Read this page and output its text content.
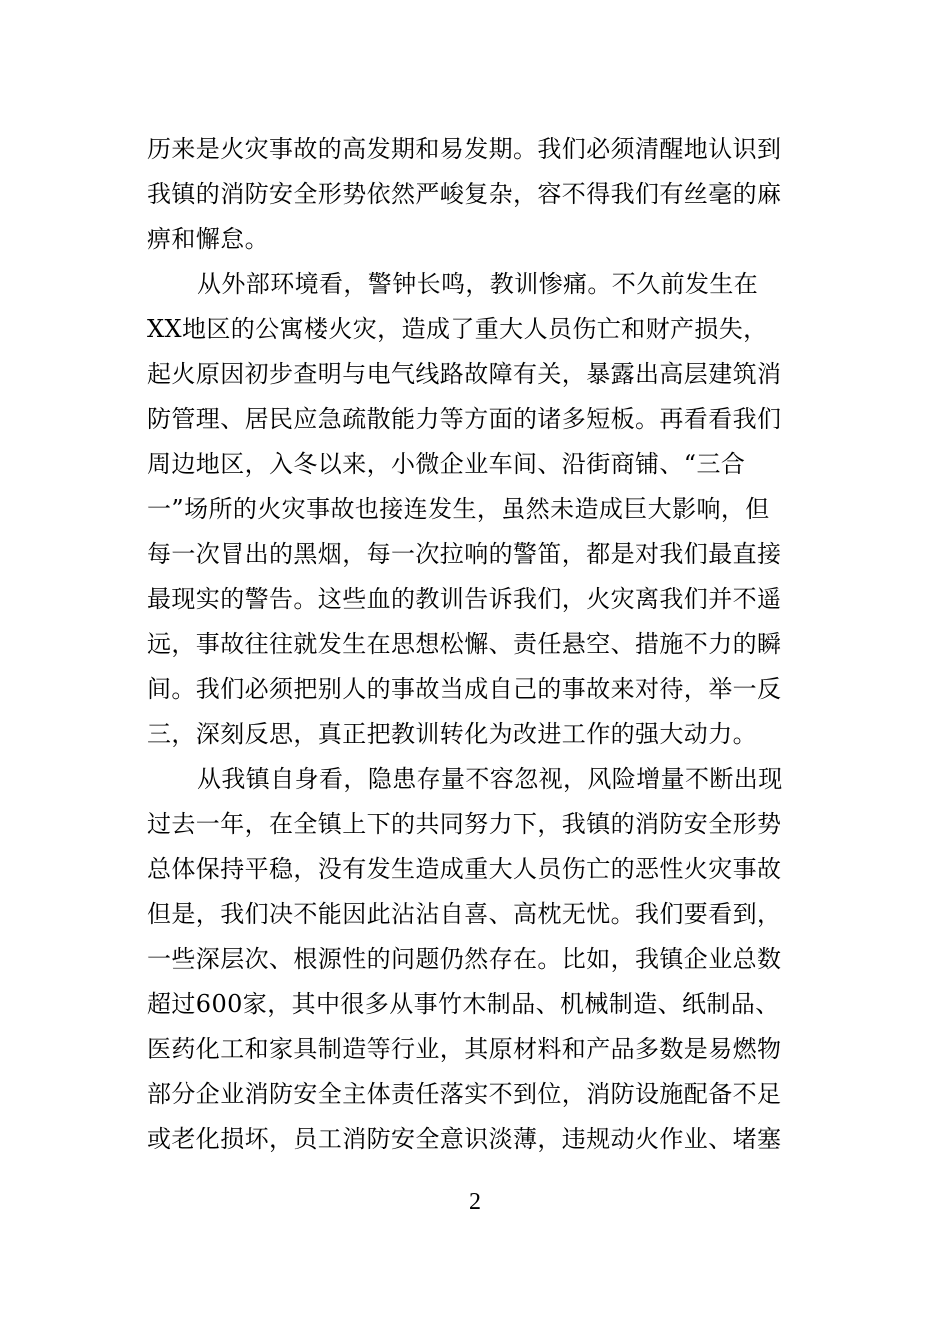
历来是火灾事故的高发期和易发期。我们必须清醒地认识到
我镇的消防安全形势依然严峻复杂，容不得我们有丝毫的麻
痹和懈怠。
从外部环境看，警钟长鸣，教训惨痛。不久前发生在
XX地区的公寓楼火灾，造成了重大人员伤亡和财产损失，
起火原因初步查明与电气线路故障有关，暴露出高层建筑消
防管理、居民应急疏散能力等方面的诸多短板。再看看我们
周边地区，入冬以来，小微企业车间、沿街商铺、“三合
一”场所的火灾事故也接连发生，虽然未造成巨大影响，但
每一次冒出的黑烟，每一次拉响的警笛，都是对我们最直接
最现实的警告。这些血的教训告诉我们，火灾离我们并不遥
远，事故往往就发生在思想松懈、责任悬空、措施不力的瞬
间。我们必须把别人的事故当成自己的事故来对待，举一反
三，深刻反思，真正把教训转化为改进工作的强大动力。
从我镇自身看，隐患存量不容忽视，风险增量不断出现
过去一年，在全镇上下的共同努力下，我镇的消防安全形势
总体保持平稳，没有发生造成重大人员伤亡的恶性火灾事故
但是，我们决不能因此沾沾自喜、高枕无忧。我们要看到，
一些深层次、根源性的问题仍然存在。比如，我镇企业总数
超过600家，其中很多从事竹木制品、机械制造、纸制品、
医药化工和家具制造等行业，其原材料和产品多数是易燃物
部分企业消防安全主体责任落实不到位，消防设施配备不足
或老化损坏，员工消防安全意识淡薄，违规动火作业、堵塞
2
